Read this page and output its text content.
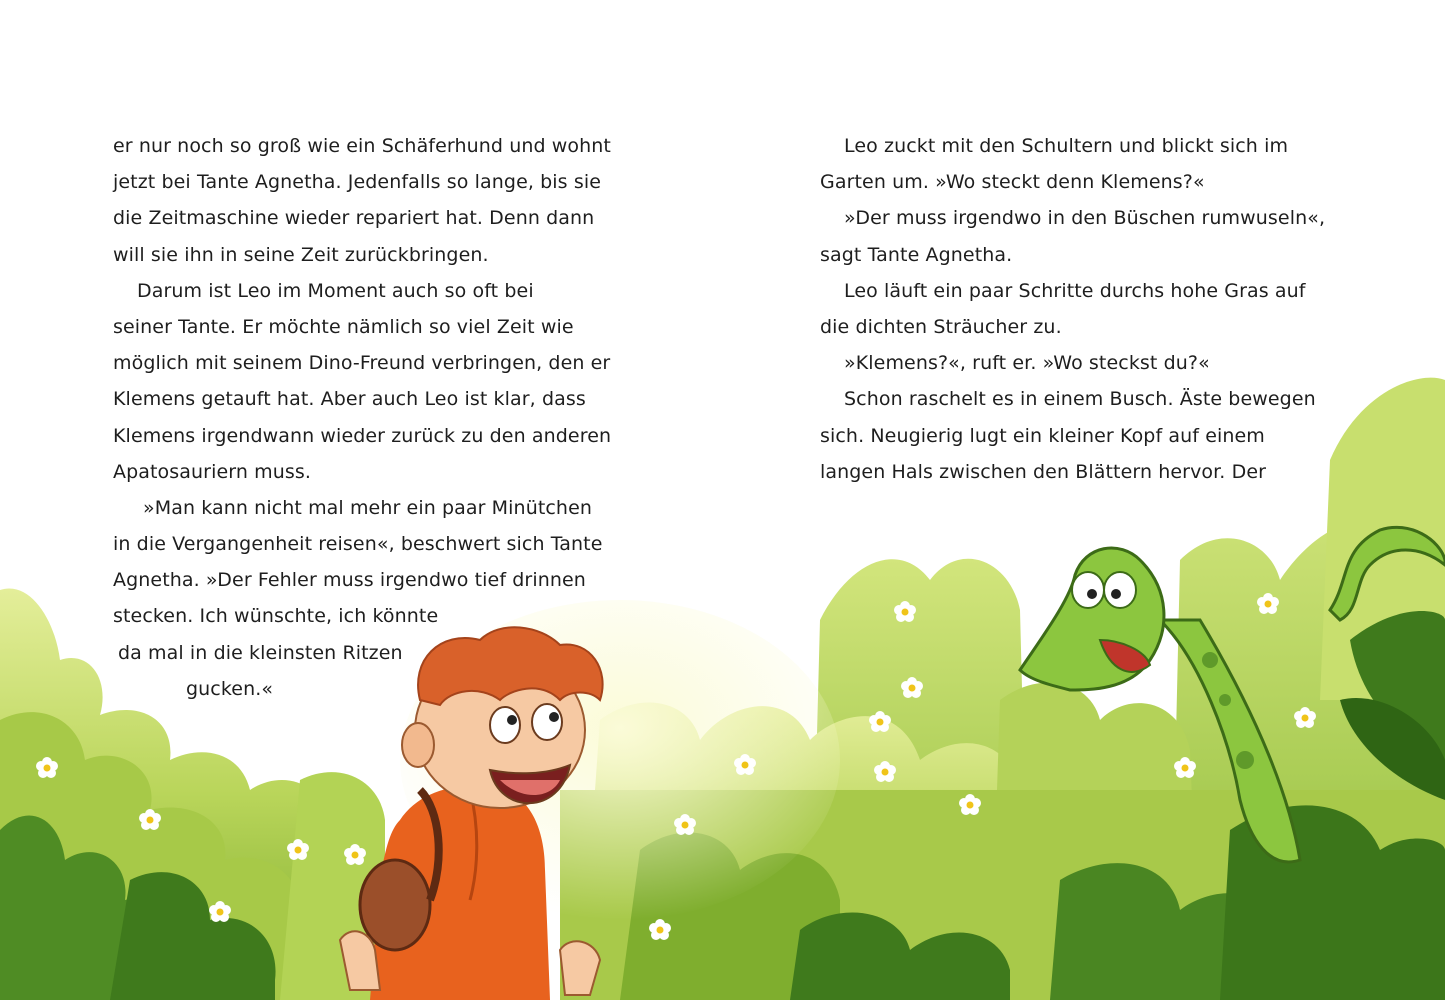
er nur noch so groß wie ein Schäferhund und wohnt
jetzt bei Tante Agnetha. Jedenfalls so lange, bis sie
die Zeitmaschine wieder repariert hat. Denn dann
will sie ihn in seine Zeit zurückbringen.
Darum ist Leo im Moment auch so oft bei
seiner Tante. Er möchte nämlich so viel Zeit wie
möglich mit seinem Dino-Freund verbringen, den er
Klemens getauft hat. Aber auch Leo ist klar, dass
Klemens irgendwann wieder zurück zu den anderen
Apatosauriern muss.
»Man kann nicht mal mehr ein paar Minütchen
in die Vergangenheit reisen«, beschwert sich Tante
Agnetha. »Der Fehler muss irgendwo tief drinnen
stecken. Ich wünschte, ich könnte
da mal in die kleinsten Ritzen
gucken.«
Leo zuckt mit den Schultern und blickt sich im
Garten um. »Wo steckt denn Klemens?«
»Der muss irgendwo in den Büschen rumwuseln«,
sagt Tante Agnetha.
Leo läuft ein paar Schritte durchs hohe Gras auf
die dichten Sträucher zu.
»Klemens?«, ruft er. »Wo steckst du?«
Schon raschelt es in einem Busch. Äste bewegen
sich. Neugierig lugt ein kleiner Kopf auf einem
langen Hals zwischen den Blättern hervor. Der
